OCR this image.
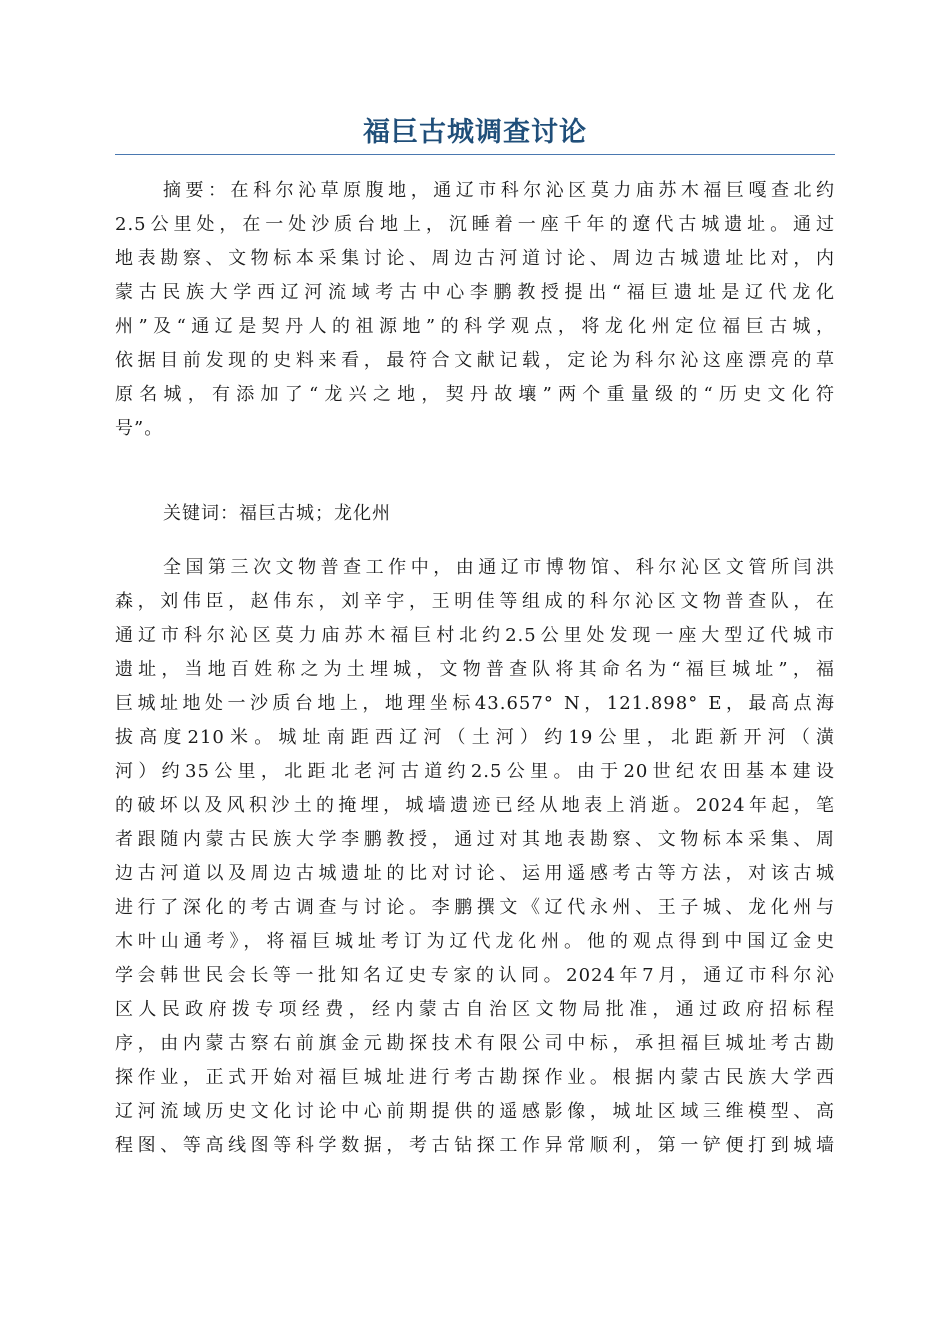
福巨古城调查讨论
摘要：在科尔沁草原腹地，通辽市科尔沁区莫力庙苏木福巨嘎查北约
2.5公里处，在一处沙质台地上，沉睡着一座千年的遼代古城遗址。通过
地表勘察、文物标本采集讨论、周边古河道讨论、周边古城遗址比对，内
蒙古民族大学西辽河流域考古中心李鹏教授提出“福巨遗址是辽代龙化
州”及“通辽是契丹人的祖源地”的科学观点，将龙化州定位福巨古城，
依据目前发现的史料来看，最符合文献记载，定论为科尔沁这座漂亮的草
原名城，有添加了“龙兴之地，契丹故壤”两个重量级的“历史文化符
号”。
关键词：福巨古城；龙化州
全国第三次文物普查工作中，由通辽市博物馆、科尔沁区文管所闫洪
森，刘伟臣，赵伟东，刘辛宇，王明佳等组成的科尔沁区文物普查队，在
通辽市科尔沁区莫力庙苏木福巨村北约2.5公里处发现一座大型辽代城市
遗址，当地百姓称之为土埋城，文物普查队将其命名为“福巨城址”，福
巨城址地处一沙质台地上，地理坐标43.657° N，121.898° E，最高点海
拔高度210米。城址南距西辽河（土河）约19公里，北距新开河（潢
河）约35公里，北距北老河古道约2.5公里。由于20世纪农田基本建设
的破坏以及风积沙土的掩埋，城墙遗迹已经从地表上消逝。2024年起，笔
者跟随内蒙古民族大学李鹏教授，通过对其地表勘察、文物标本采集、周
边古河道以及周边古城遗址的比对讨论、运用遥感考古等方法，对该古城
进行了深化的考古调查与讨论。李鹏撰文《辽代永州、王子城、龙化州与
木叶山通考》，将福巨城址考订为辽代龙化州。他的观点得到中国辽金史
学会韩世民会长等一批知名辽史专家的认同。2024年7月，通辽市科尔沁
区人民政府拨专项经费，经内蒙古自治区文物局批准，通过政府招标程
序，由内蒙古察右前旗金元勘探技术有限公司中标，承担福巨城址考古勘
探作业，正式开始对福巨城址进行考古勘探作业。根据内蒙古民族大学西
辽河流域历史文化讨论中心前期提供的遥感影像，城址区域三维模型、高
程图、等高线图等科学数据，考古钻探工作异常顺利，第一铲便打到城墙
